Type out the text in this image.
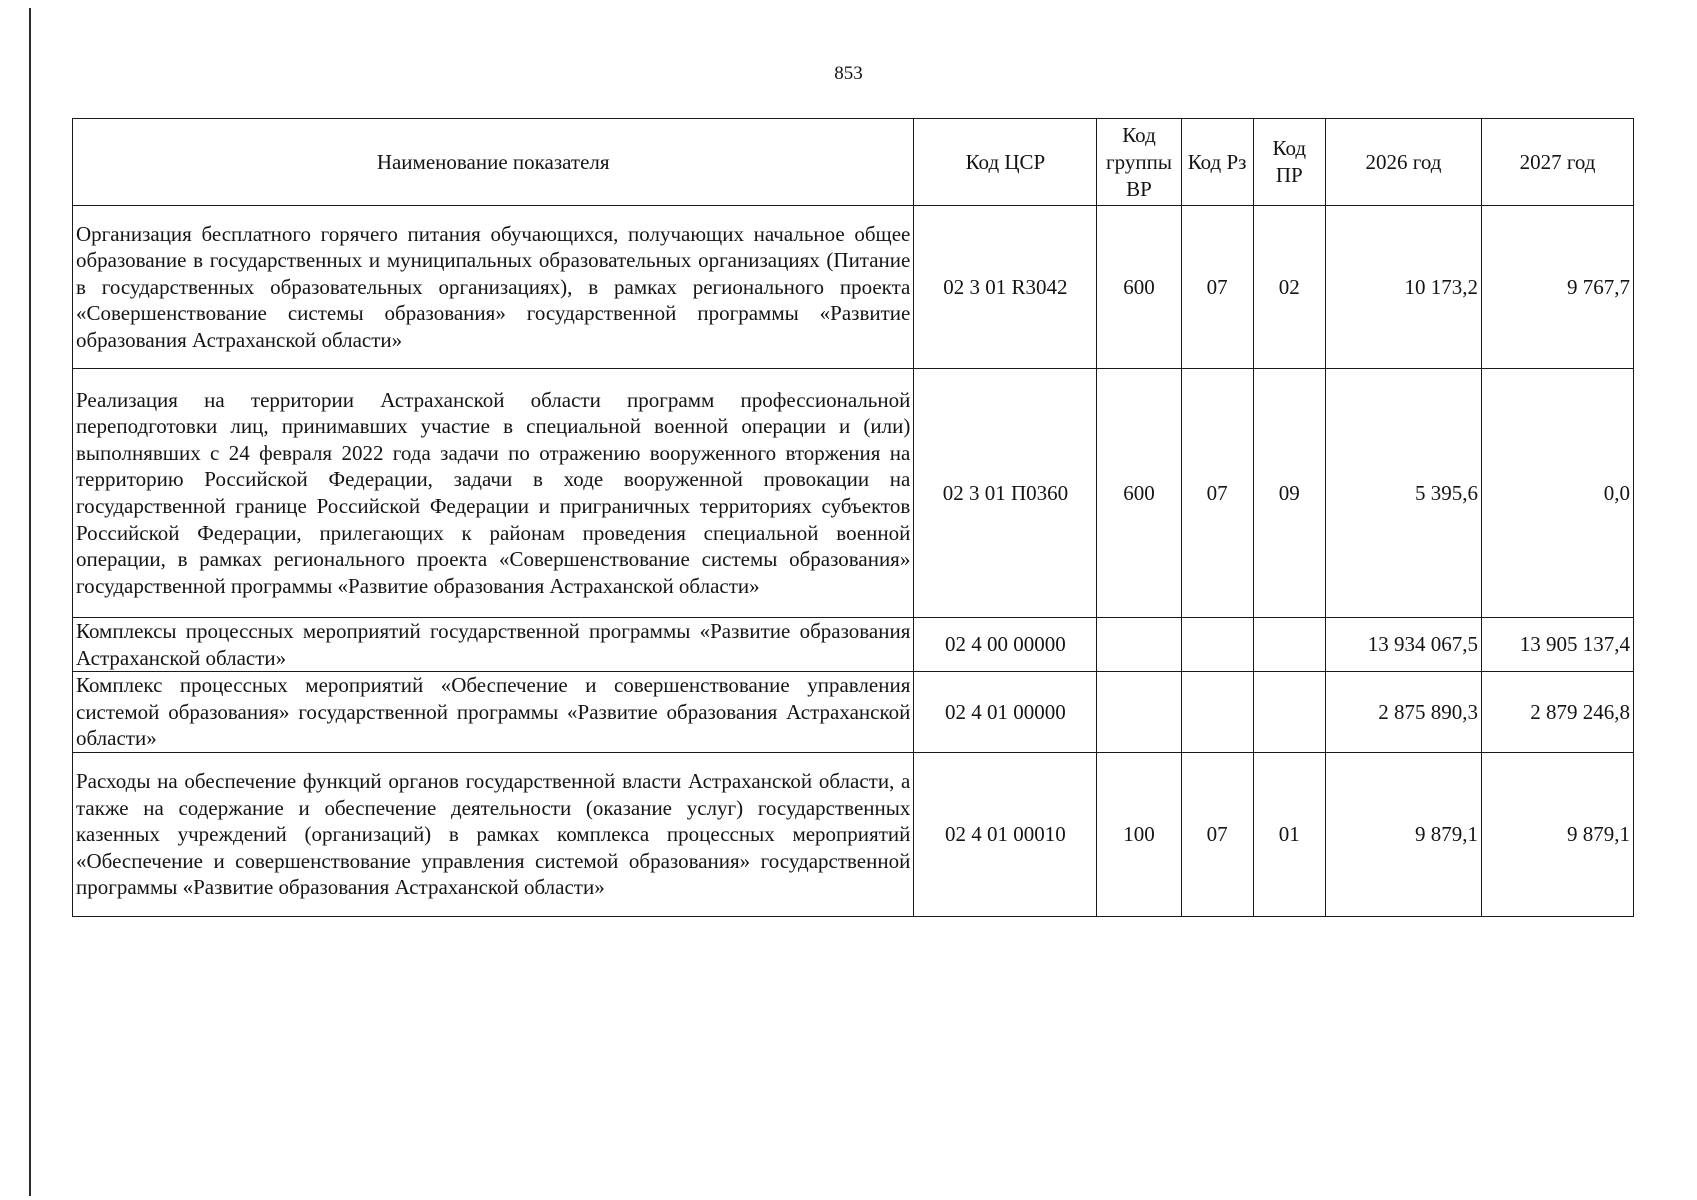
853
Наименование показателя	Код ЦСР	Код группы ВР	Код Рз	Код ПР	2026 год	2027 год
Организация бесплатного горячего питания обучающихся, получающих начальное общее образование в государственных и муниципальных образовательных организациях (Питание в государственных образовательных организациях), в рамках регионального проекта «Совершенствование системы образования» государственной программы «Развитие образования Астраханской области»	02 3 01 R3042	600	07	02	10 173,2	9 767,7
Реализация на территории Астраханской области программ профессиональной переподготовки лиц, принимавших участие в специальной военной операции и (или) выполнявших с 24 февраля 2022 года задачи по отражению вооруженного вторжения на территорию Российской Федерации, задачи в ходе вооруженной провокации на государственной границе Российской Федерации и приграничных территориях субъектов Российской Федерации, прилегающих к районам проведения специальной военной операции, в рамках регионального проекта «Совершенствование системы образования» государственной программы «Развитие образования Астраханской области»	02 3 01 П0360	600	07	09	5 395,6	0,0
Комплексы процессных мероприятий государственной программы «Развитие образования Астраханской области»	02 4 00 00000				13 934 067,5	13 905 137,4
Комплекс процессных мероприятий «Обеспечение и совершенствование управления системой образования» государственной программы «Развитие образования Астраханской области»	02 4 01 00000				2 875 890,3	2 879 246,8
Расходы на обеспечение функций органов государственной власти Астраханской области, а также на содержание и обеспечение деятельности (оказание услуг) государственных казенных учреждений (организаций) в рамках комплекса процессных мероприятий «Обеспечение и совершенствование управления системой образования» государственной программы «Развитие образования Астраханской области»	02 4 01 00010	100	07	01	9 879,1	9 879,1
